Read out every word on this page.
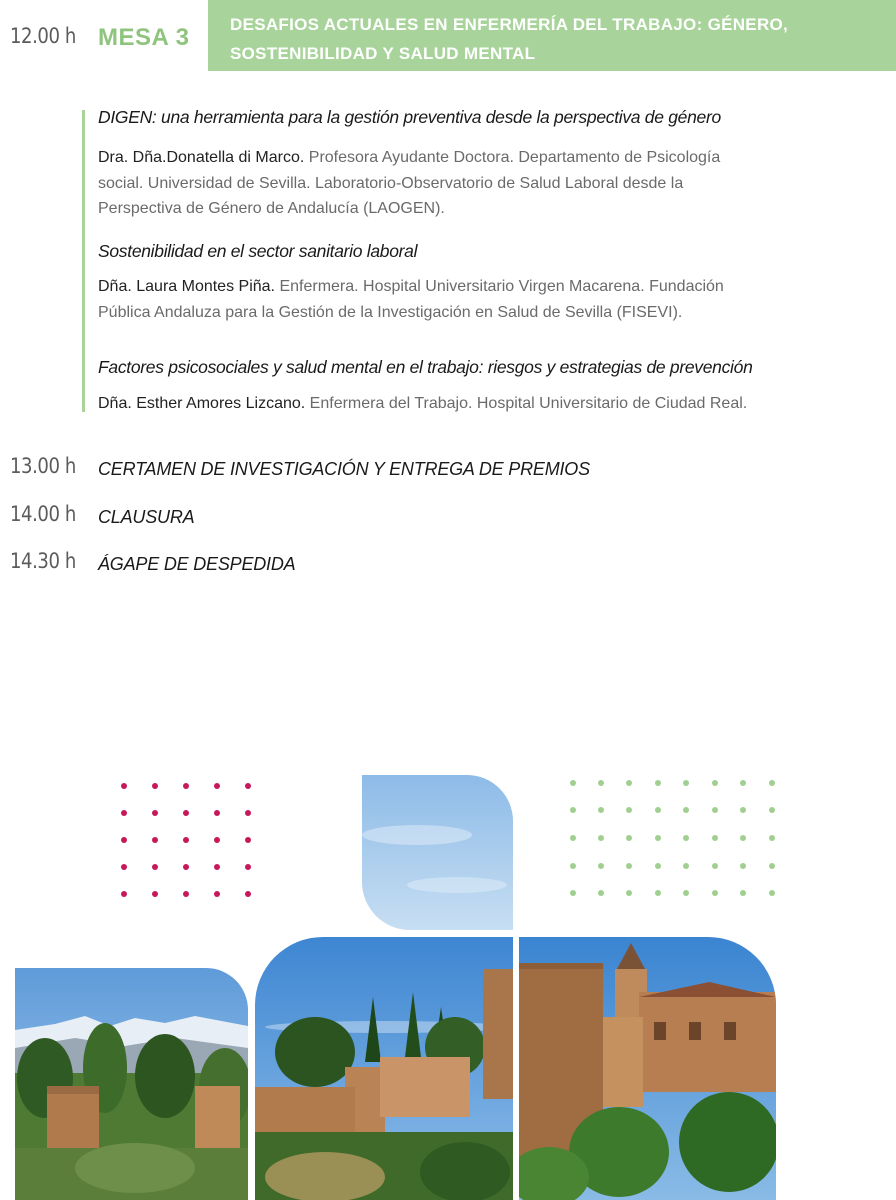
12.00 h MESA 3 DESAFIOS ACTUALES EN ENFERMERÍA DEL TRABAJO: GÉNERO,
SOSTENIBILIDAD Y SALUD MENTAL
DIGEN: una herramienta para la gestión preventiva desde la perspectiva de género
Dra. Dña.Donatella di Marco. Profesora Ayudante Doctora. Departamento de Psicología
social. Universidad de Sevilla. Laboratorio-Observatorio de Salud Laboral desde la
Perspectiva de Género de Andalucía (LAOGEN).
Sostenibilidad en el sector sanitario laboral
Dña. Laura Montes Piña. Enfermera. Hospital Universitario Virgen Macarena. Fundación
Pública Andaluza para la Gestión de la Investigación en Salud de Sevilla (FISEVI).
Factores psicosociales y salud mental en el trabajo: riesgos y estrategias de prevención
Dña. Esther Amores Lizcano. Enfermera del Trabajo. Hospital Universitario de Ciudad Real.
13.00 h CERTAMEN DE INVESTIGACIÓN Y ENTREGA DE PREMIOS
14.00 h CLAUSURA
14.30 h ÁGAPE DE DESPEDIDA
